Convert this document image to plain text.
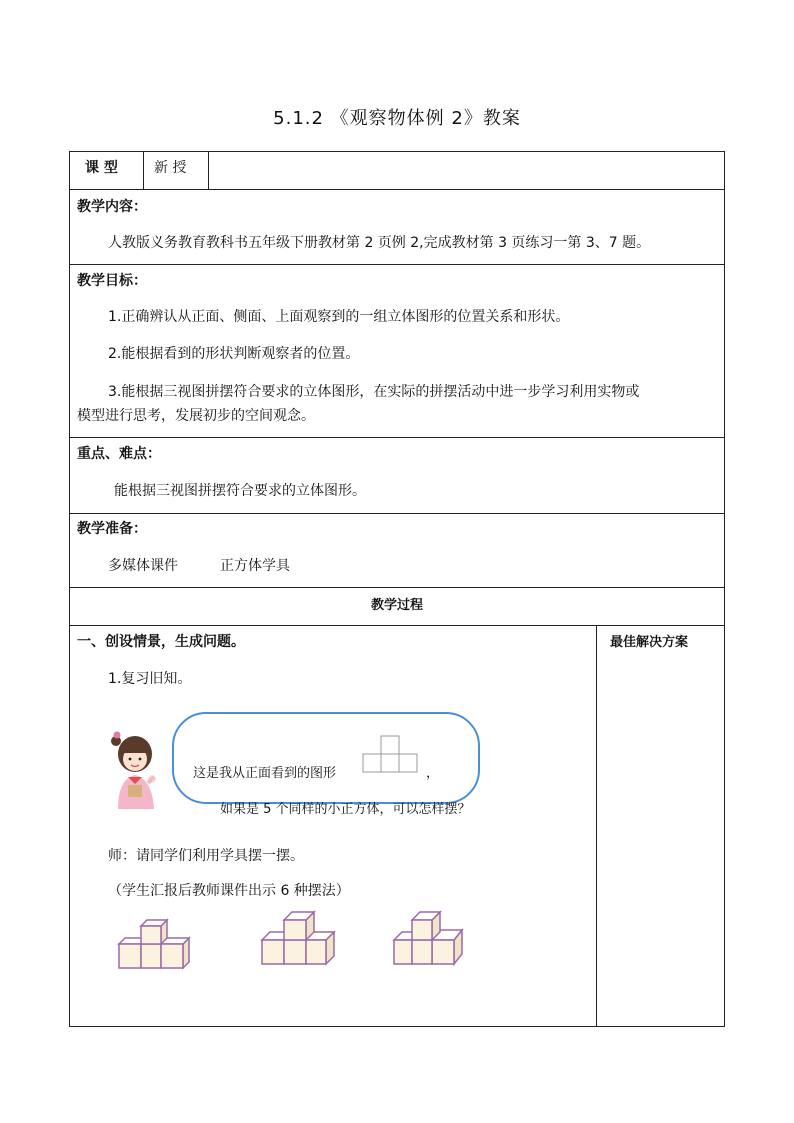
5.1.2 《观察物体例 2》教案
课 型	新 授
教学内容：
人教版义务教育教科书五年级下册教材第 2 页例 2,完成教材第 3 页练习一第 3、7 题。
教学目标：
1.正确辨认从正面、侧面、上面观察到的一组立体图形的位置关系和形状。
2.能根据看到的形状判断观察者的位置。
3.能根据三视图拼摆符合要求的立体图形，在实际的拼摆活动中进一步学习利用实物或
模型进行思考，发展初步的空间观念。
重点、难点：
能根据三视图拼摆符合要求的立体图形。
教学准备：
多媒体课件	正方体学具
教学过程
一、创设情景，生成问题。	最佳解决方案
1.复习旧知。
这是我从正面看到的图形	，
如果是 5 个同样的小正方体，可以怎样摆？
师：请同学们利用学具摆一摆。
（学生汇报后教师课件出示 6 种摆法）
